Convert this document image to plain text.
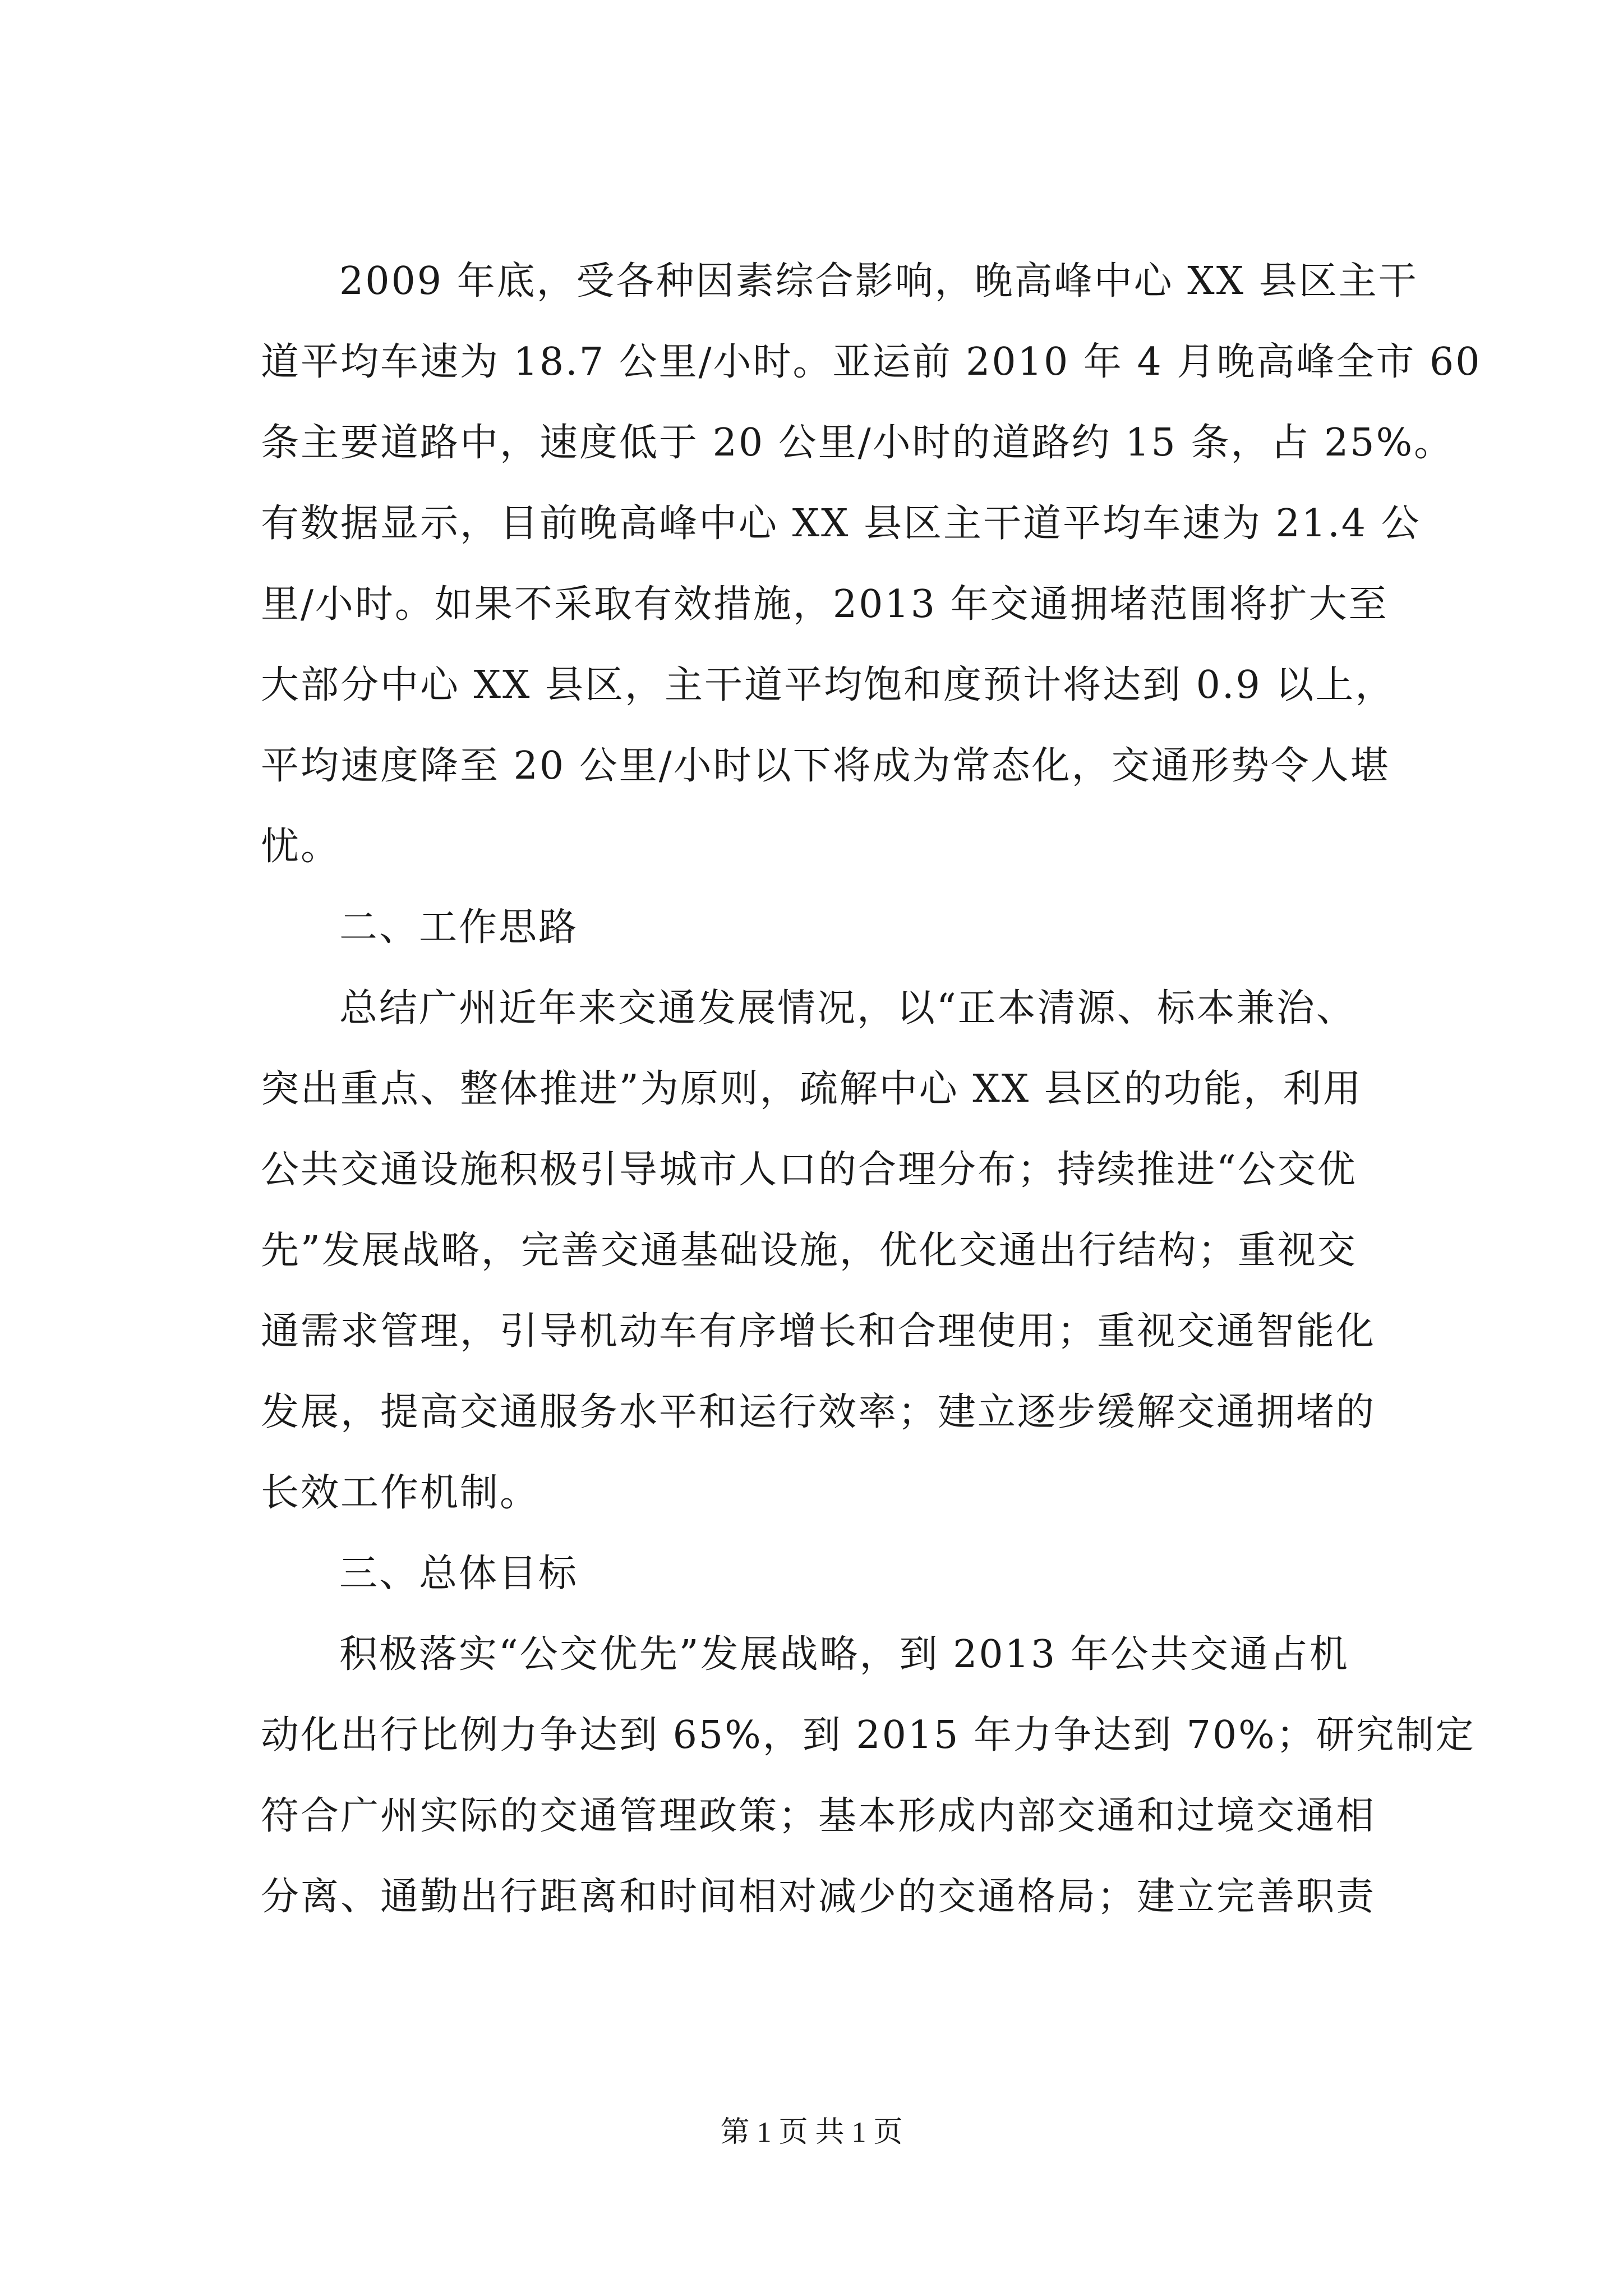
2009 年底，受各种因素综合影响，晚高峰中心 XX 县区主干
道平均车速为 18.7 公里/小时。亚运前 2010 年 4 月晚高峰全市 60
条主要道路中，速度低于 20 公里/小时的道路约 15 条，占 25%。
有数据显示，目前晚高峰中心 XX 县区主干道平均车速为 21.4 公
里/小时。如果不采取有效措施，2013 年交通拥堵范围将扩大至
大部分中心 XX 县区，主干道平均饱和度预计将达到 0.9 以上，
平均速度降至 20 公里/小时以下将成为常态化，交通形势令人堪
忧。
二、工作思路
总结广州近年来交通发展情况，以“正本清源、标本兼治、
突出重点、整体推进”为原则，疏解中心 XX 县区的功能，利用
公共交通设施积极引导城市人口的合理分布；持续推进“公交优
先”发展战略，完善交通基础设施，优化交通出行结构；重视交
通需求管理，引导机动车有序增长和合理使用；重视交通智能化
发展，提高交通服务水平和运行效率；建立逐步缓解交通拥堵的
长效工作机制。
三、总体目标
积极落实“公交优先”发展战略，到 2013 年公共交通占机
动化出行比例力争达到 65%，到 2015 年力争达到 70%；研究制定
符合广州实际的交通管理政策；基本形成内部交通和过境交通相
分离、通勤出行距离和时间相对减少的交通格局；建立完善职责
第 1 页 共 1 页
